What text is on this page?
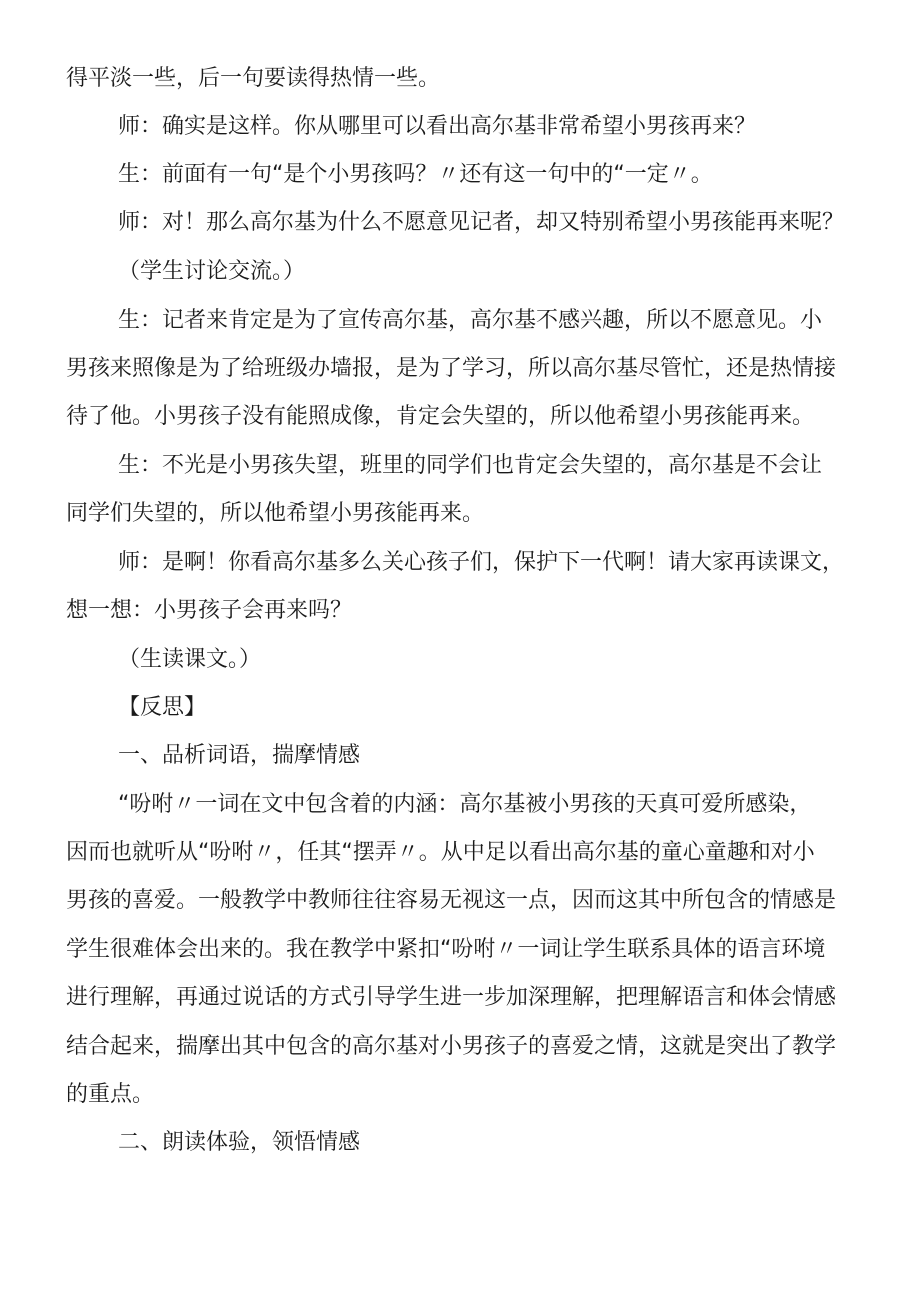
得平淡一些，后一句要读得热情一些。

师：确实是这样。你从哪里可以看出高尔基非常希望小男孩再来？

生：前面有一句“是个小男孩吗？〃还有这一句中的“一定〃。

师：对！那么高尔基为什么不愿意见记者，却又特别希望小男孩能再来呢？

（学生讨论交流。）

生：记者来肯定是为了宣传高尔基，高尔基不感兴趣，所以不愿意见。小

男孩来照像是为了给班级办墙报，是为了学习，所以高尔基尽管忙，还是热情接

待了他。小男孩子没有能照成像，肯定会失望的，所以他希望小男孩能再来。

生：不光是小男孩失望，班里的同学们也肯定会失望的，高尔基是不会让

同学们失望的，所以他希望小男孩能再来。

师：是啊！你看高尔基多么关心孩子们，保护下一代啊！请大家再读课文，

想一想：小男孩子会再来吗？

（生读课文。）

【反思】

一、品析词语，揣摩情感

“吩咐〃一词在文中包含着的内涵：高尔基被小男孩的天真可爱所感染，

因而也就听从“吩咐〃，任其“摆弄〃。从中足以看出高尔基的童心童趣和对小

男孩的喜爱。一般教学中教师往往容易无视这一点，因而这其中所包含的情感是

学生很难体会出来的。我在教学中紧扣“吩咐〃一词让学生联系具体的语言环境

进行理解，再通过说话的方式引导学生进一步加深理解，把理解语言和体会情感

结合起来，揣摩出其中包含的高尔基对小男孩子的喜爱之情，这就是突出了教学

的重点。

二、朗读体验，领悟情感
